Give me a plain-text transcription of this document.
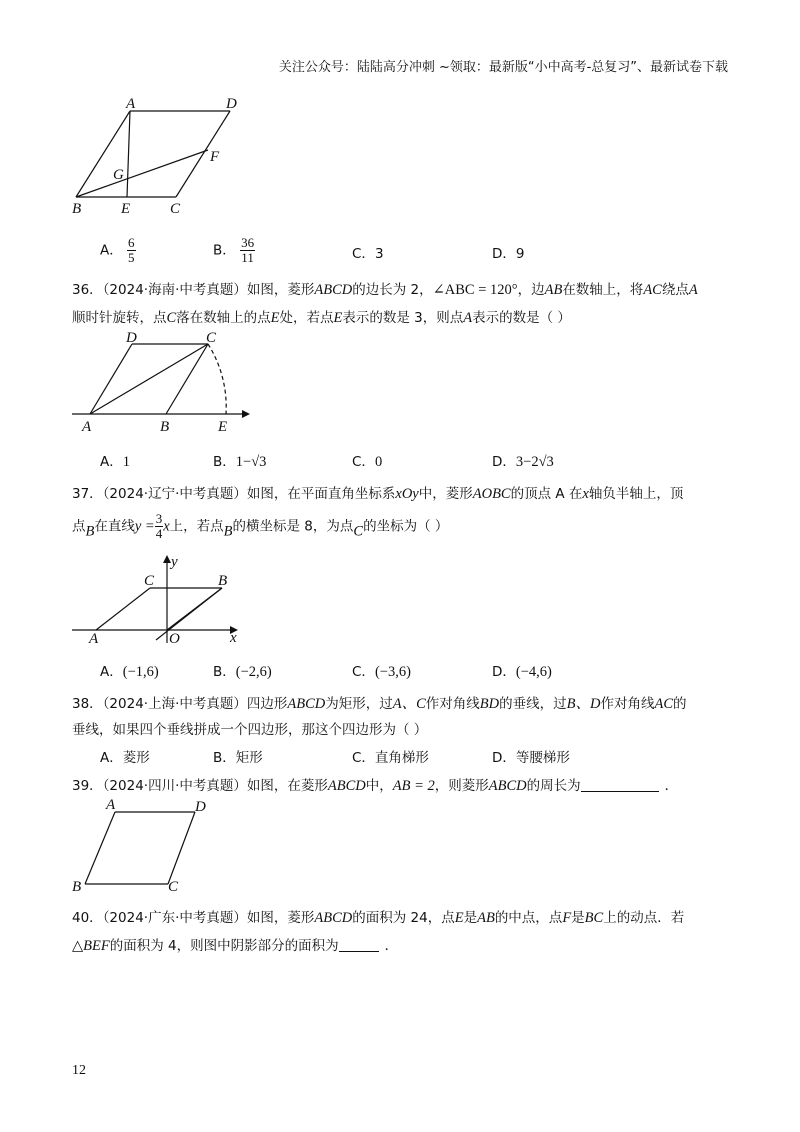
关注公众号：陆陆高分冲刺 ~领取：最新版“小中高考-总复习”、最新试卷下载
A	D
G
F
B	E	C
A． $\frac{6}{5}$	B． $\frac{36}{11}$	C．3	D．9
36．（2024·海南·中考真题）如图，菱形ABCD的边长为 2，∠ABC = 120°，边AB在数轴上，将AC绕点A
顺时针旋转，点C落在数轴上的点E处，若点E表示的数是 3，则点A表示的数是（ ）
D	C
A	B	E
A．1	B．1−√3	C．0	D．3−2√3
37．（2024·辽宁·中考真题）如图，在平面直角坐标系xOy中，菱形AOBC的顶点 A 在x轴负半轴上，顶
点B在直线$y = \frac{3}{4}$ x上，若点B的横坐标是 8，为点C的坐标为（ ）
y
C	B
A	O	x
A．(−1,6)	B．(−2,6)	C．(−3,6)	D．(−4,6)
38．（2024·上海·中考真题）四边形ABCD为矩形，过A、C作对角线BD的垂线，过B、D作对角线AC的
垂线，如果四个垂线拼成一个四边形，那这个四边形为（ ）
A．菱形	B．矩形	C．直角梯形	D．等腰梯形
39．（2024·四川·中考真题）如图，在菱形ABCD中，AB = 2，则菱形ABCD的周长为	．
A	D
B	C
40．（2024·广东·中考真题）如图，菱形ABCD的面积为 24，点E是AB的中点，点F是BC上的动点．若
△BEF的面积为 4，则图中阴影部分的面积为	．
12
